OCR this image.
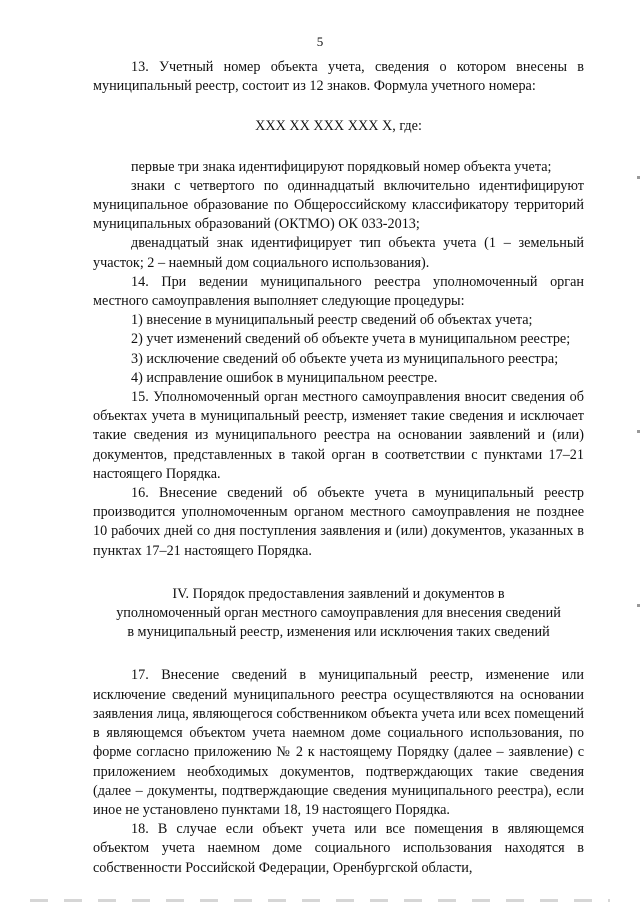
5

13. Учетный номер объекта учета, сведения о котором внесены в муниципальный реестр, состоит из 12 знаков. Формула учетного номера:

XXX XX XXX XXX X, где:

первые три знака идентифицируют порядковый номер объекта учета;

знаки с четвертого по одиннадцатый включительно идентифицируют муниципальное образование по Общероссийскому классификатору территорий муниципальных образований (ОКТМО) ОК 033-2013;

двенадцатый знак идентифицирует тип объекта учета (1 – земельный участок; 2 – наемный дом социального использования).

14. При ведении муниципального реестра уполномоченный орган местного самоуправления выполняет следующие процедуры:

1) внесение в муниципальный реестр сведений об объектах учета;

2) учет изменений сведений об объекте учета в муниципальном реестре;

3) исключение сведений об объекте учета из муниципального реестра;

4) исправление ошибок в муниципальном реестре.

15. Уполномоченный орган местного самоуправления вносит сведения об объектах учета в муниципальный реестр, изменяет такие сведения и исключает такие сведения из муниципального реестра на основании заявлений и (или) документов, представленных в такой орган в соответствии с пунктами 17–21 настоящего Порядка.

16. Внесение сведений об объекте учета в муниципальный реестр производится уполномоченным органом местного самоуправления не позднее 10 рабочих дней со дня поступления заявления и (или) документов, указанных в пунктах 17–21 настоящего Порядка.

IV. Порядок предоставления заявлений и документов в
уполномоченный орган местного самоуправления для внесения сведений
в муниципальный реестр, изменения или исключения таких сведений

17. Внесение сведений в муниципальный реестр, изменение или исключение сведений муниципального реестра осуществляются на основании заявления лица, являющегося собственником объекта учета или всех помещений в являющемся объектом учета наемном доме социального использования, по форме согласно приложению № 2 к настоящему Порядку (далее – заявление) с приложением необходимых документов, подтверждающих такие сведения (далее – документы, подтверждающие сведения муниципального реестра), если иное не установлено пунктами 18, 19 настоящего Порядка.

18. В случае если объект учета или все помещения в являющемся объектом учета наемном доме социального использования находятся в собственности Российской Федерации, Оренбургской области,
